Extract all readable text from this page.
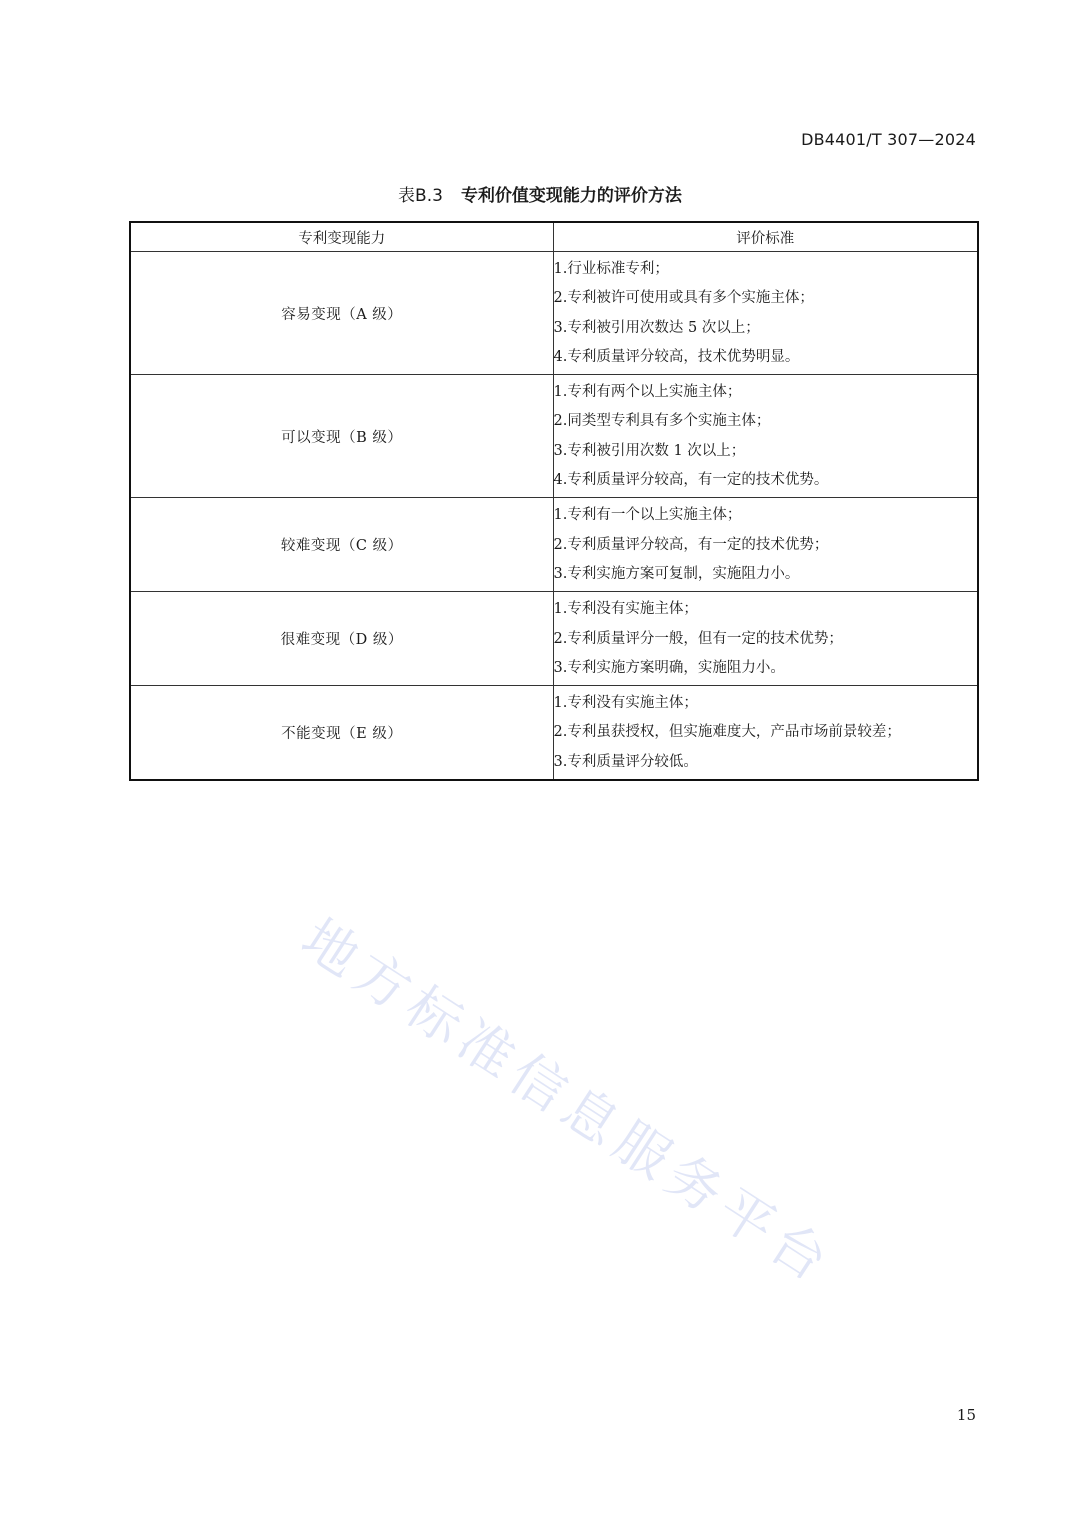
DB4401/T 307—2024
表B.3 专利价值变现能力的评价方法
专利变现能力	评价标准
容易变现（A 级）	1.行业标准专利；
2.专利被许可使用或具有多个实施主体；
3.专利被引用次数达 5 次以上；
4.专利质量评分较高，技术优势明显。

可以变现（B 级）	1.专利有两个以上实施主体；
2.同类型专利具有多个实施主体；
3.专利被引用次数 1 次以上；
4.专利质量评分较高，有一定的技术优势。

较难变现（C 级）	1.专利有一个以上实施主体；
2.专利质量评分较高，有一定的技术优势；
3.专利实施方案可复制，实施阻力小。

很难变现（D 级）	1.专利没有实施主体；
2.专利质量评分一般，但有一定的技术优势；
3.专利实施方案明确，实施阻力小。

不能变现（E 级）	1.专利没有实施主体；
2.专利虽获授权，但实施难度大，产品市场前景较差；
3.专利质量评分较低。
地方标准信息服务平台
15
